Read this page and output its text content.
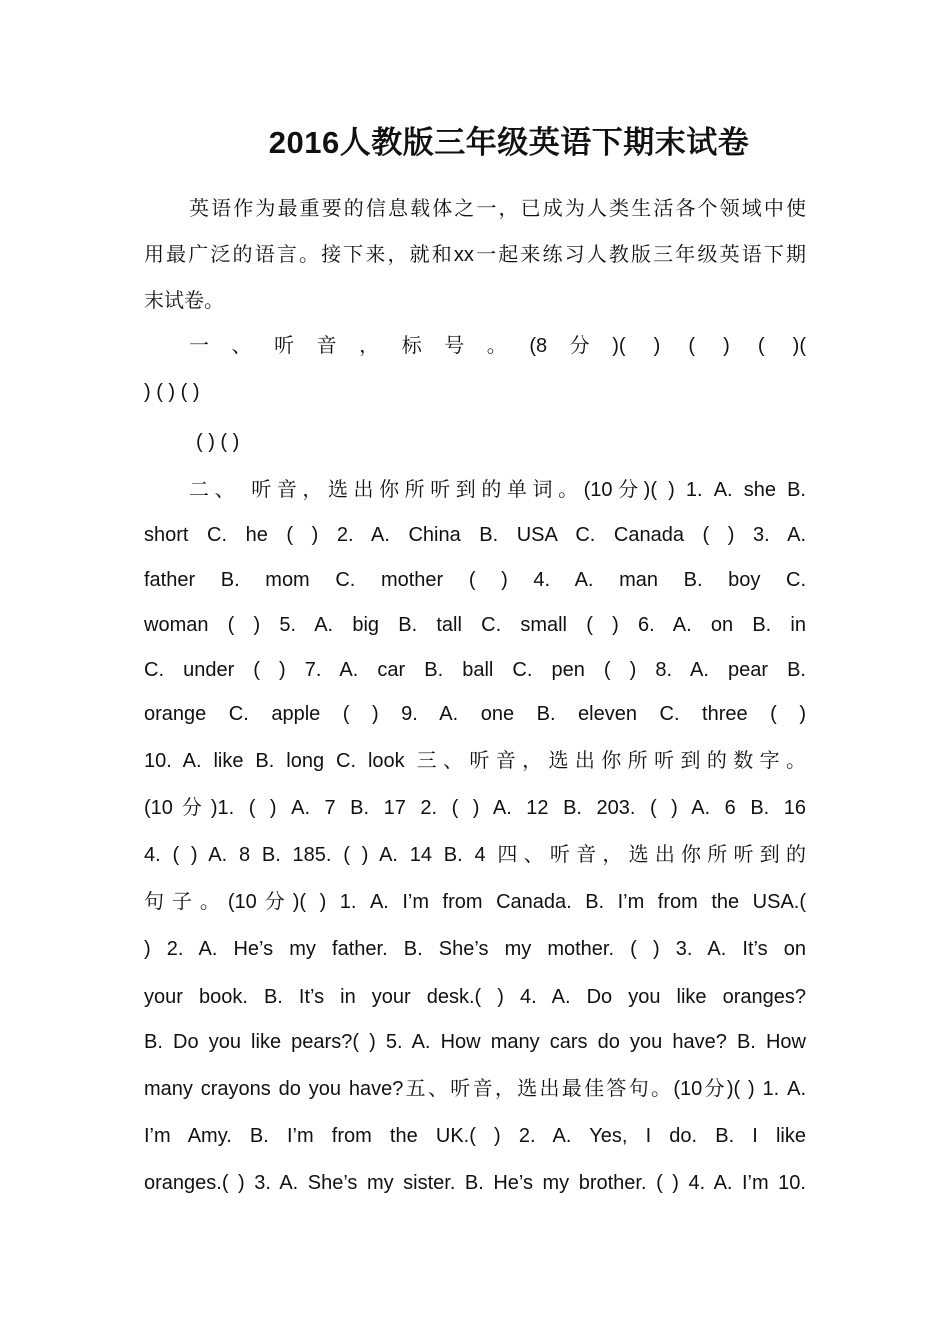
2016人教版三年级英语下期末试卷
英语作为最重要的信息载体之一，已成为人类生活各个领域中使
用最广泛的语言。接下来，就和xx一起来练习人教版三年级英语下期
末试卷。
一、听音，标号。(8分)( ) ( ) ( )(
) ( ) ( )
( ) ( )
二、 听音，选出你所听到的单词。(10分)( ) 1. A. she B.
short C. he ( ) 2. A. China B. USA C. Canada ( ) 3. A.
father B. mom C. mother ( ) 4. A. man B. boy C.
woman ( ) 5. A. big B. tall C. small ( ) 6. A. on B. in
C. under ( ) 7. A. car B. ball C. pen ( ) 8. A. pear B.
orange C. apple ( ) 9. A. one B. eleven C. three ( )
10. A. like B. long C. look 三、听音，选出你所听到的数字。
(10分)1. ( ) A. 7 B. 17 2. ( ) A. 12 B. 203. ( ) A. 6 B. 16
4. ( ) A. 8 B. 185. ( ) A. 14 B. 4 四、听音，选出你所听到的
句子。(10分)( ) 1. A. I’m from Canada. B. I’m from the USA.(
) 2. A. He’s my father. B. She’s my mother. ( ) 3. A. It’s on
your book. B. It’s in your desk.( ) 4. A. Do you like oranges?
B. Do you like pears?( ) 5. A. How many cars do you have? B. How
many crayons do you have?五、听音，选出最佳答句。(10分)( ) 1. A.
I’m Amy. B. I’m from the UK.( ) 2. A. Yes, I do. B. I like
oranges.( ) 3. A. She’s my sister. B. He’s my brother. ( ) 4. A. I’m 10.
